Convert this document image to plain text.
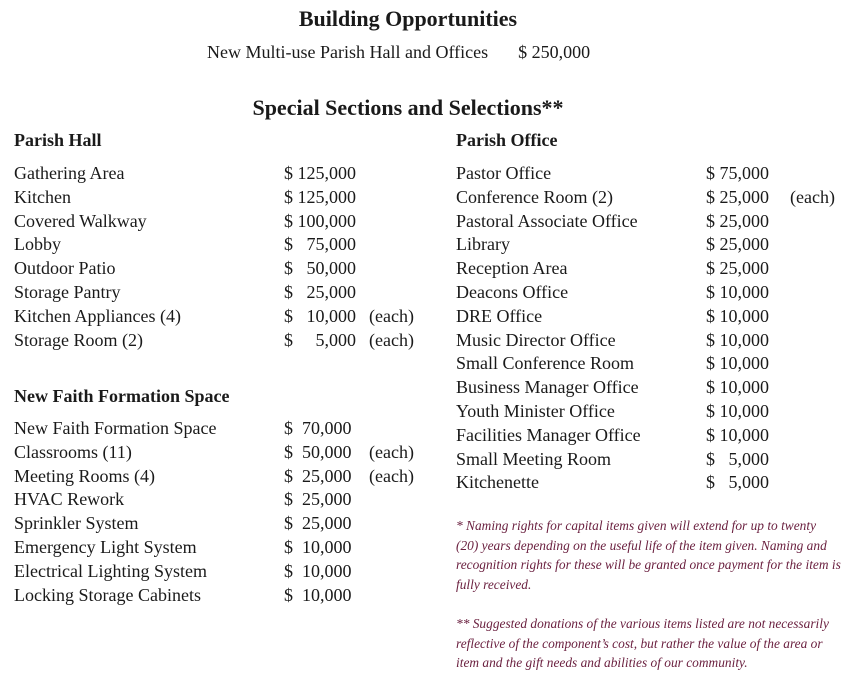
Building Opportunities
New Multi-use Parish Hall and Offices $ 250,000
Special Sections and Selections**
Parish Hall
Gathering Area	$ 125,000
Kitchen	$ 125,000
Covered Walkway	$ 100,000
Lobby	$   75,000
Outdoor Patio	$   50,000
Storage Pantry	$   25,000
Kitchen Appliances (4)	$   10,000 (each)
Storage Room (2)	$     5,000 (each)
New Faith Formation Space
New Faith Formation Space	$  70,000
Classrooms (11)	$  50,000 (each)
Meeting Rooms (4)	$  25,000 (each)
HVAC Rework	$  25,000
Sprinkler System	$  25,000
Emergency Light System	$  10,000
Electrical Lighting System	$  10,000
Locking Storage Cabinets	$  10,000
Parish Office
Pastor Office	$ 75,000
Conference Room (2)	$ 25,000 (each)
Pastoral Associate Office	$ 25,000
Library	$ 25,000
Reception Area	$ 25,000
Deacons Office	$ 10,000
DRE Office	$ 10,000
Music Director Office	$ 10,000
Small Conference Room	$ 10,000
Business Manager Office	$ 10,000
Youth Minister Office	$ 10,000
Facilities Manager Office	$ 10,000
Small Meeting Room	$   5,000
Kitchenette	$   5,000
* Naming rights for capital items given will extend for up to twenty (20) years depending on the useful life of the item given. Naming and recognition rights for these will be granted once payment for the item is fully received.
** Suggested donations of the various items listed are not necessarily reflective of the component’s cost, but rather the value of the area or item and the gift needs and abilities of our community.
